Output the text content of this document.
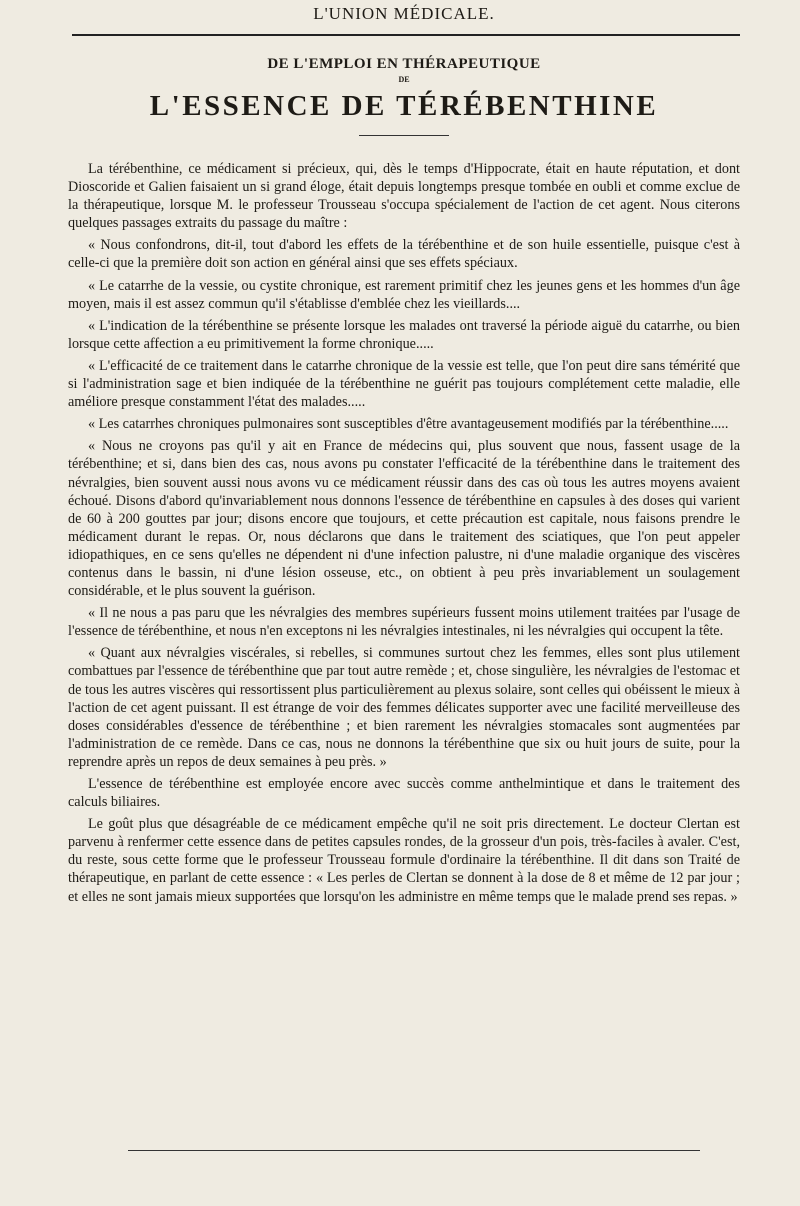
L'UNION MÉDICALE.
DE L'EMPLOI EN THÉRAPEUTIQUE
DE
L'ESSENCE DE TÉRÉBENTHINE

La térébenthine, ce médicament si précieux, qui, dès le temps d'Hippocrate, était en haute réputation, et dont Dioscoride et Galien faisaient un si grand éloge, était depuis longtemps presque tombée en oubli et comme exclue de la thérapeutique, lorsque M. le professeur Trousseau s'occupa spécialement de l'action de cet agent. Nous citerons quelques passages extraits du passage du maître :

« Nous confondrons, dit-il, tout d'abord les effets de la térébenthine et de son huile essentielle, puisque c'est à celle-ci que la première doit son action en général ainsi que ses effets spéciaux.

« Le catarrhe de la vessie, ou cystite chronique, est rarement primitif chez les jeunes gens et les hommes d'un âge moyen, mais il est assez commun qu'il s'établisse d'emblée chez les vieillards....

« L'indication de la térébenthine se présente lorsque les malades ont traversé la période aiguë du catarrhe, ou bien lorsque cette affection a eu primitivement la forme chronique.....

« L'efficacité de ce traitement dans le catarrhe chronique de la vessie est telle, que l'on peut dire sans témérité que si l'administration sage et bien indiquée de la térébenthine ne guérit pas toujours complétement cette maladie, elle améliore presque constamment l'état des malades.....

« Les catarrhes chroniques pulmonaires sont susceptibles d'être avantageusement modifiés par la térébenthine.....

« Nous ne croyons pas qu'il y ait en France de médecins qui, plus souvent que nous, fassent usage de la térébenthine; et si, dans bien des cas, nous avons pu constater l'efficacité de la térébenthine dans le traitement des névralgies, bien souvent aussi nous avons vu ce médicament réussir dans des cas où tous les autres moyens avaient échoué. Disons d'abord qu'invariablement nous donnons l'essence de térébenthine en capsules à des doses qui varient de 60 à 200 gouttes par jour; disons encore que toujours, et cette précaution est capitale, nous faisons prendre le médicament durant le repas. Or, nous déclarons que dans le traitement des sciatiques, que l'on peut appeler idiopathiques, en ce sens qu'elles ne dépendent ni d'une infection palustre, ni d'une maladie organique des viscères contenus dans le bassin, ni d'une lésion osseuse, etc., on obtient à peu près invariablement un soulagement considérable, et le plus souvent la guérison.

« Il ne nous a pas paru que les névralgies des membres supérieurs fussent moins utilement traitées par l'usage de l'essence de térébenthine, et nous n'en exceptons ni les névralgies intestinales, ni les névralgies qui occupent la tête.

« Quant aux névralgies viscérales, si rebelles, si communes surtout chez les femmes, elles sont plus utilement combattues par l'essence de térébenthine que par tout autre remède ; et, chose singulière, les névralgies de l'estomac et de tous les autres viscères qui ressortissent plus particulièrement au plexus solaire, sont celles qui obéissent le mieux à l'action de cet agent puissant. Il est étrange de voir des femmes délicates supporter avec une facilité merveilleuse des doses considérables d'essence de térébenthine ; et bien rarement les névralgies stomacales sont augmentées par l'administration de ce remède. Dans ce cas, nous ne donnons la térébenthine que six ou huit jours de suite, pour la reprendre après un repos de deux semaines à peu près. »

L'essence de térébenthine est employée encore avec succès comme anthelmintique et dans le traitement des calculs biliaires.

Le goût plus que désagréable de ce médicament empêche qu'il ne soit pris directement. Le docteur Clertan est parvenu à renfermer cette essence dans de petites capsules rondes, de la grosseur d'un pois, très-faciles à avaler. C'est, du reste, sous cette forme que le professeur Trousseau formule d'ordinaire la térébenthine. Il dit dans son Traité de thérapeutique, en parlant de cette essence : « Les perles de Clertan se donnent à la dose de 8 et même de 12 par jour ; et elles ne sont jamais mieux supportées que lorsqu'on les administre en même temps que le malade prend ses repas. »
